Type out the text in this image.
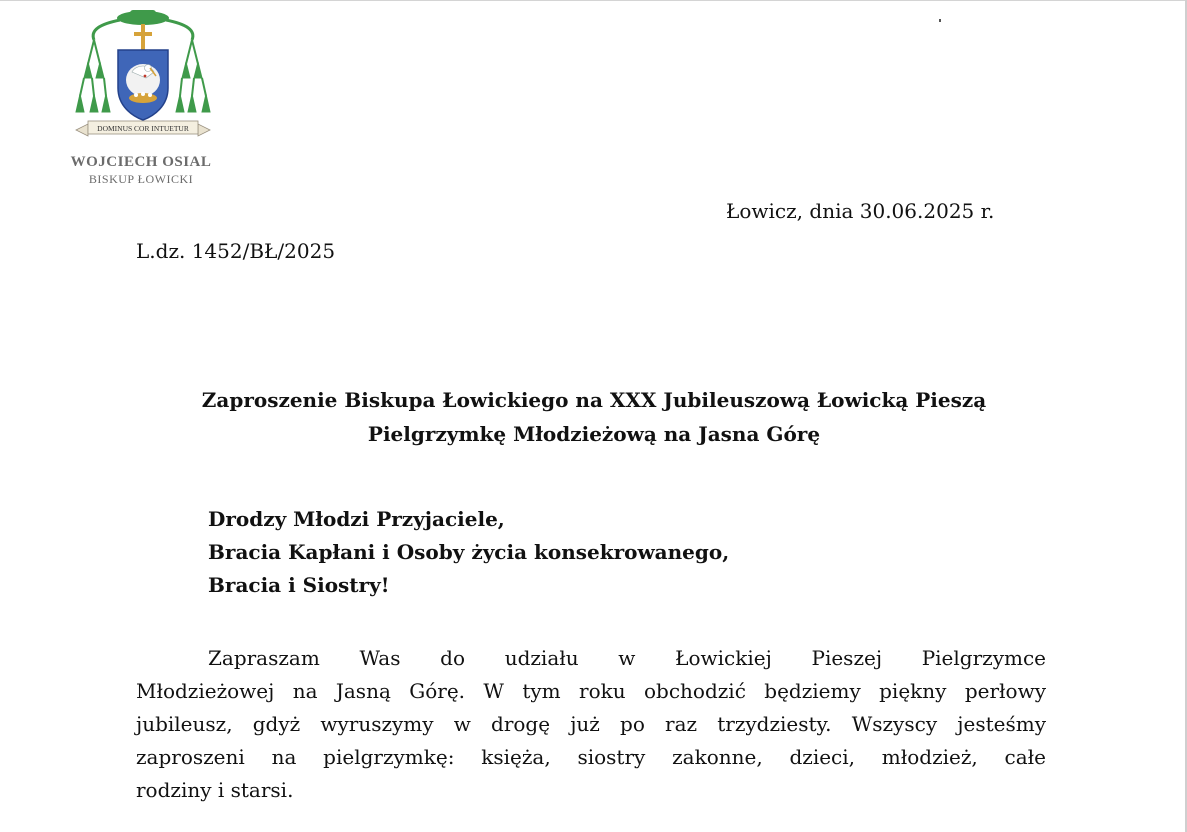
DOMINUS COR INTUETUR
WOJCIECH OSIAL
BISKUP ŁOWICKI
Łowicz, dnia 30.06.2025 r.
L.dz. 1452/BŁ/2025
Zaproszenie Biskupa Łowickiego na XXX Jubileuszową Łowicką Pieszą
Pielgrzymkę Młodzieżową na Jasna Górę
Drodzy Młodzi Przyjaciele,
Bracia Kapłani i Osoby życia konsekrowanego,
Bracia i Siostry!
Zapraszam Was do udziału w Łowickiej Pieszej Pielgrzymce
Młodzieżowej na Jasną Górę. W tym roku obchodzić będziemy piękny perłowy
jubileusz, gdyż wyruszymy w drogę już po raz trzydziesty. Wszyscy jesteśmy
zaproszeni na pielgrzymkę: księża, siostry zakonne, dzieci, młodzież, całe
rodziny i starsi.
